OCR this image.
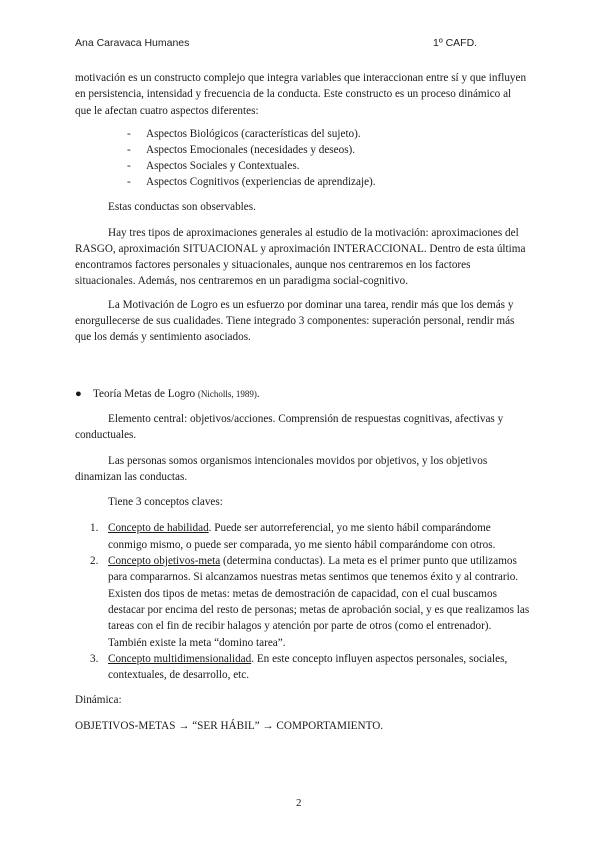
Ana Caravaca Humanes	1º CAFD.

motivación es un constructo complejo que integra variables que interaccionan entre sí y que influyen en persistencia, intensidad y frecuencia de la conducta. Este constructo es un proceso dinámico al que le afectan cuatro aspectos diferentes:

- Aspectos Biológicos (características del sujeto).
- Aspectos Emocionales (necesidades y deseos).
- Aspectos Sociales y Contextuales.
- Aspectos Cognitivos (experiencias de aprendizaje).

Estas conductas son observables.

Hay tres tipos de aproximaciones generales al estudio de la motivación: aproximaciones del RASGO, aproximación SITUACIONAL y aproximación INTERACCIONAL. Dentro de esta última encontramos factores personales y situacionales, aunque nos centraremos en los factores situacionales. Además, nos centraremos en un paradigma social-cognitivo.

La Motivación de Logro es un esfuerzo por dominar una tarea, rendir más que los demás y enorgullecerse de sus cualidades. Tiene integrado 3 componentes: superación personal, rendir más que los demás y sentimiento asociados.

● Teoría Metas de Logro (Nicholls, 1989).

Elemento central: objetivos/acciones. Comprensión de respuestas cognitivas, afectivas y conductuales.

Las personas somos organismos intencionales movidos por objetivos, y los objetivos dinamizan las conductas.

Tiene 3 conceptos claves:

1. Concepto de habilidad. Puede ser autorreferencial, yo me siento hábil comparándome conmigo mismo, o puede ser comparada, yo me siento hábil comparándome con otros.
2. Concepto objetivos-meta (determina conductas). La meta es el primer punto que utilizamos para compararnos. Si alcanzamos nuestras metas sentimos que tenemos éxito y al contrario. Existen dos tipos de metas: metas de demostración de capacidad, con el cual buscamos destacar por encima del resto de personas; metas de aprobación social, y es que realizamos las tareas con el fin de recibir halagos y atención por parte de otros (como el entrenador). También existe la meta “domino tarea”.
3. Concepto multidimensionalidad. En este concepto influyen aspectos personales, sociales, contextuales, de desarrollo, etc.

Dinámica:

OBJETIVOS-METAS → “SER HÁBIL” → COMPORTAMIENTO.

2
